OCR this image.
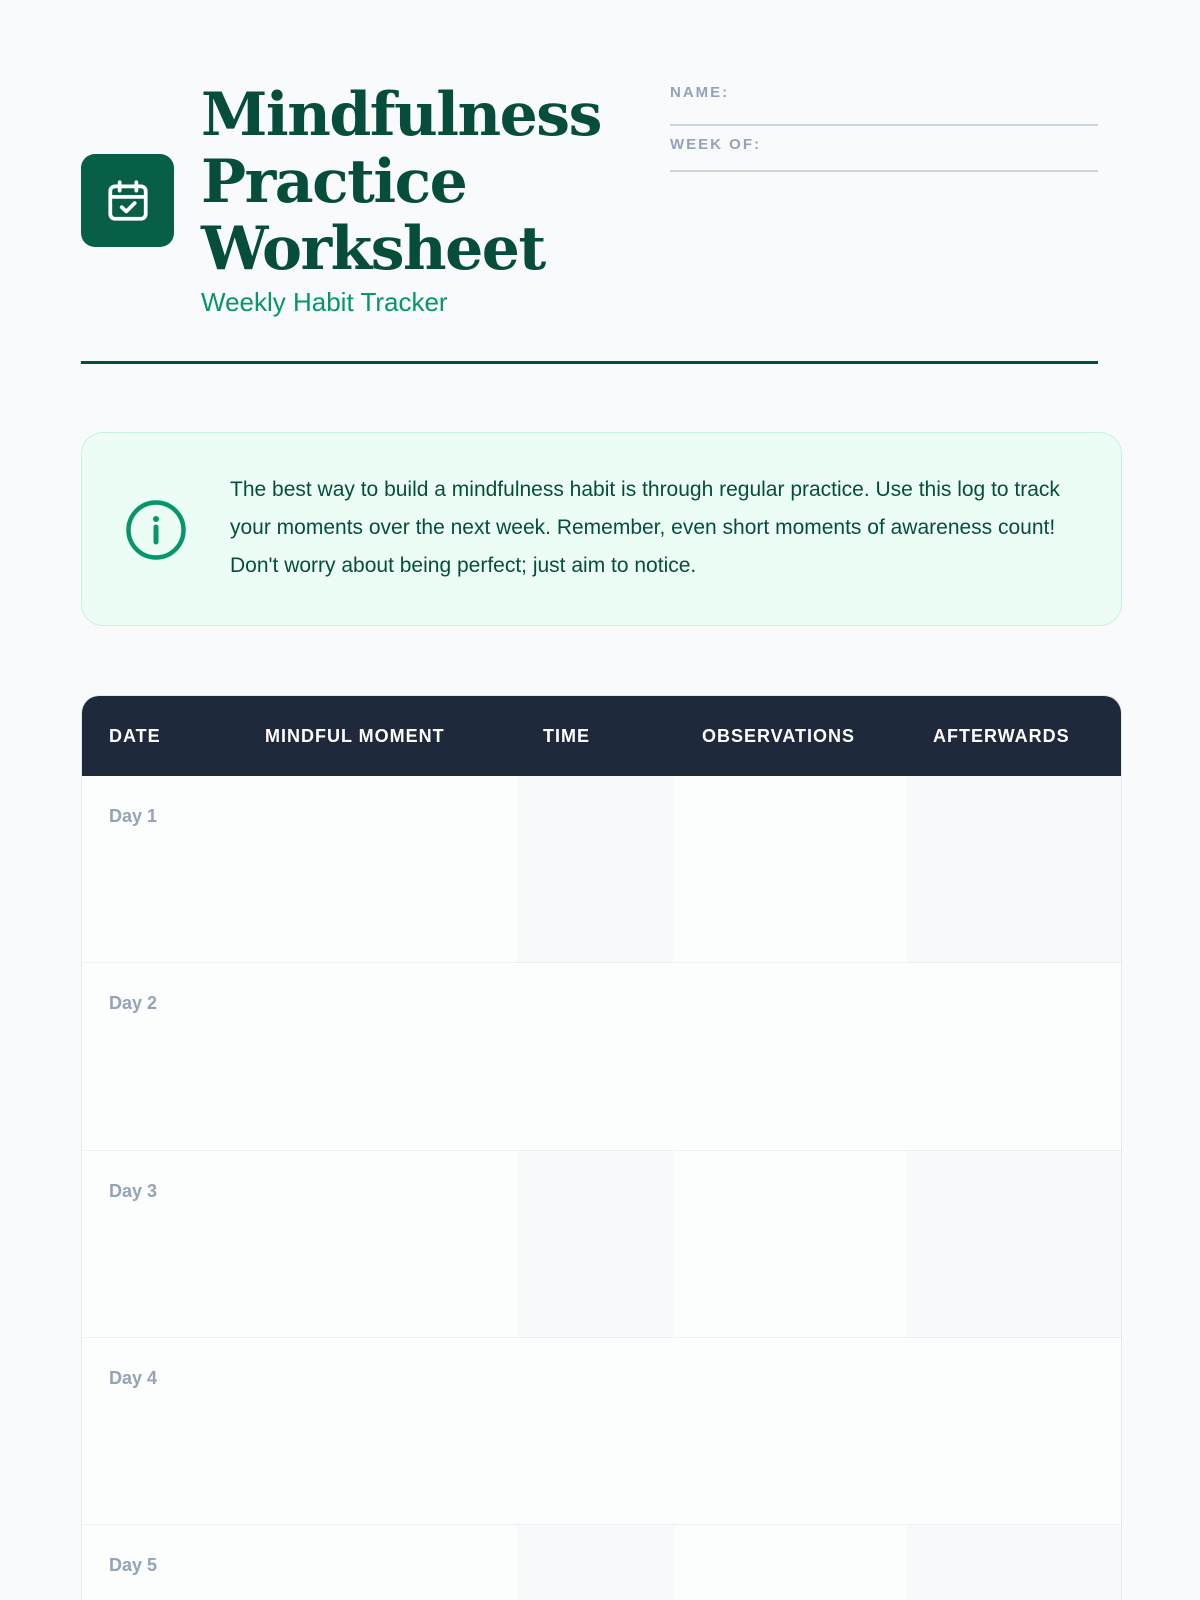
Mindfulness
Practice
Worksheet
Weekly Habit Tracker
NAME:
WEEK OF:

The best way to build a mindfulness habit is through regular practice. Use this log to track your moments over the next week. Remember, even short moments of awareness count! Don't worry about being perfect; just aim to notice.

DATE	MINDFUL MOMENT	TIME	OBSERVATIONS	AFTERWARDS
Day 1
Day 2
Day 3
Day 4
Day 5
